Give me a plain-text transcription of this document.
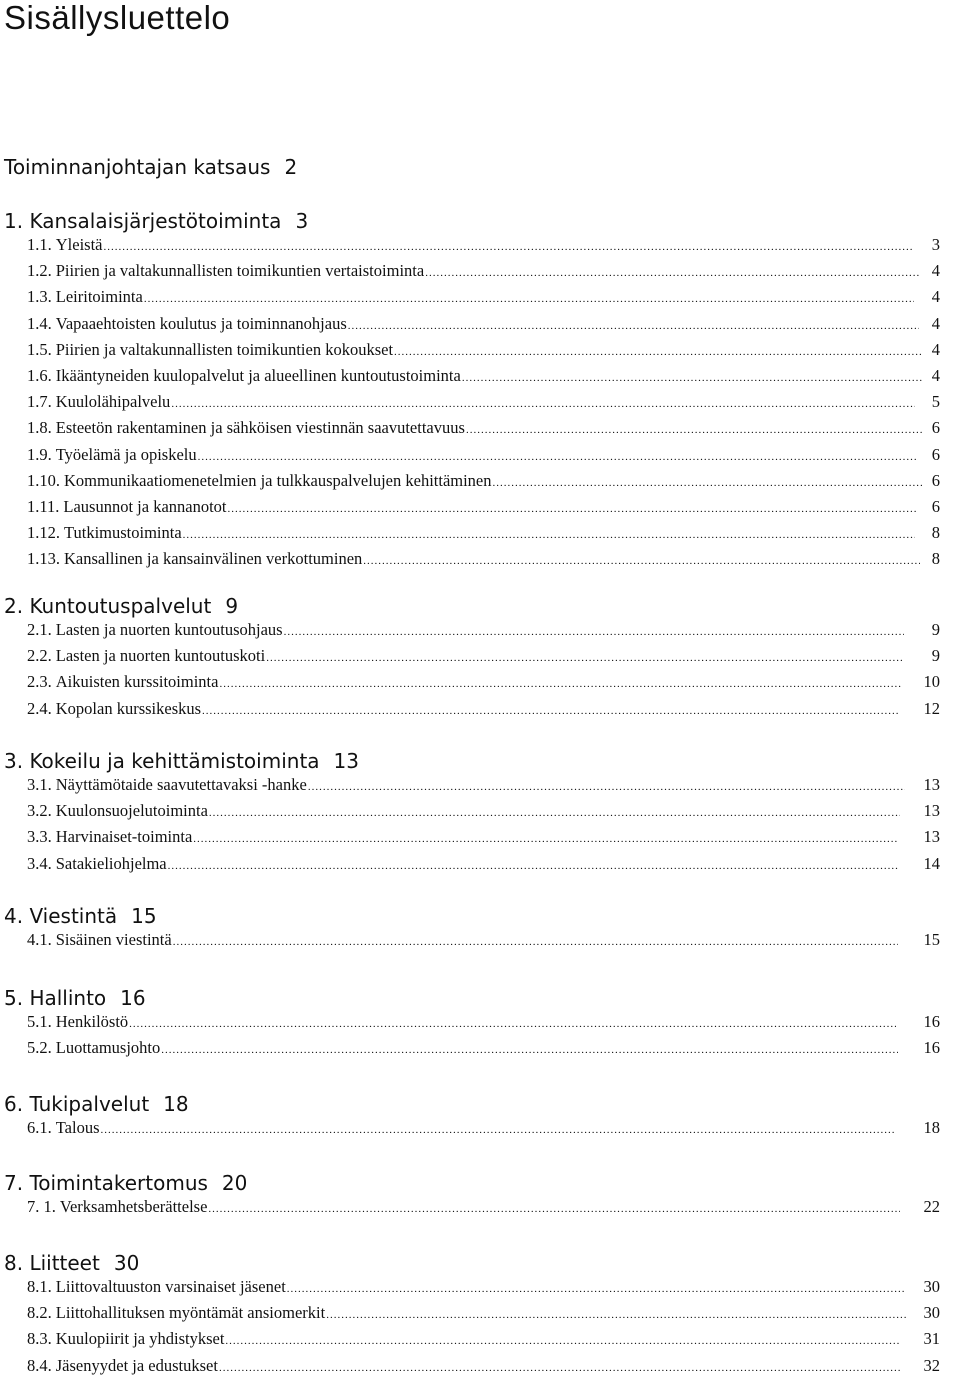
Sisällysluettelo
Toiminnanjohtajan katsaus 2
1. Kansalaisjärjestötoiminta 3
1.1. Yleistä .....	3
1.2. Piirien ja valtakunnallisten toimikuntien vertaistoiminta .....	4
1.3. Leiritoiminta .....	4
1.4. Vapaaehtoisten koulutus ja toiminnanohjaus .....	4
1.5. Piirien ja valtakunnallisten toimikuntien kokoukset .....	4
1.6. Ikääntyneiden kuulopalvelut ja alueellinen kuntoutustoiminta .....	4
1.7. Kuulolähipalvelu .....	5
1.8. Esteetön rakentaminen ja sähköisen viestinnän saavutettavuus .....	6
1.9. Työelämä ja opiskelu .....	6
1.10. Kommunikaatiomenetelmien ja tulkkauspalvelujen kehittäminen .....	6
1.11. Lausunnot ja kannanotot .....	6
1.12. Tutkimustoiminta .....	8
1.13. Kansallinen ja kansainvälinen verkottuminen .....	8
2. Kuntoutuspalvelut 9
2.1. Lasten ja nuorten kuntoutusohjaus .....	9
2.2. Lasten ja nuorten kuntoutuskoti .....	9
2.3. Aikuisten kurssitoiminta .....	10
2.4. Kopolan kurssikeskus .....	12
3. Kokeilu ja kehittämistoiminta 13
3.1. Näyttämötaide saavutettavaksi -hanke .....	13
3.2. Kuulonsuojelutoiminta .....	13
3.3. Harvinaiset-toiminta .....	13
3.4. Satakieliohjelma .....	14
4. Viestintä 15
4.1. Sisäinen viestintä .....	15
5. Hallinto 16
5.1. Henkilöstö .....	16
5.2. Luottamusjohto .....	16
6. Tukipalvelut 18
6.1. Talous .....	18
7. Toimintakertomus 20
7. 1. Verksamhetsberättelse .....	22
8. Liitteet 30
8.1. Liittovaltuuston varsinaiset jäsenet .....	30
8.2. Liittohallituksen myöntämät ansiomerkit .....	30
8.3. Kuulopiirit ja yhdistykset .....	31
8.4. Jäsenyydet ja edustukset .....	32
